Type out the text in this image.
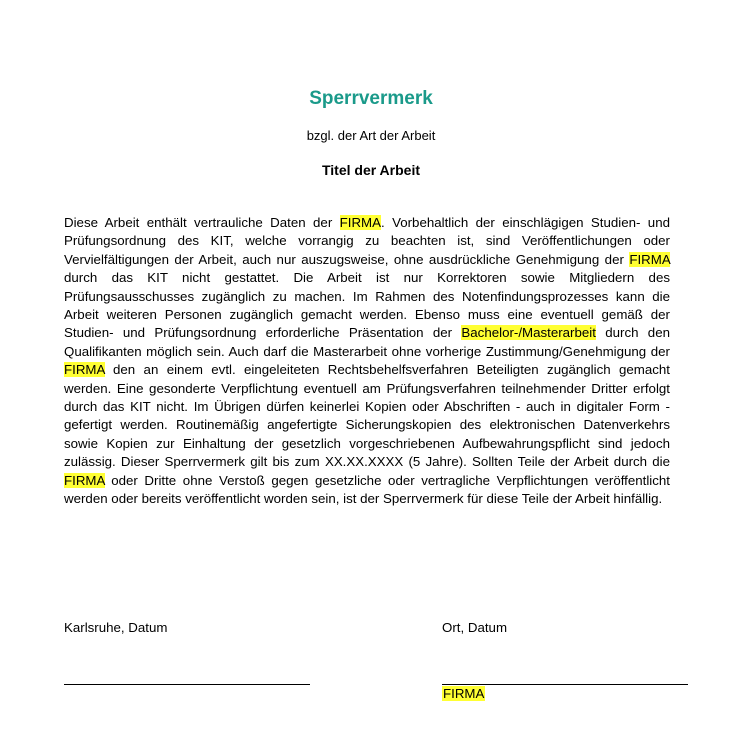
Sperrvermerk
bzgl. der Art der Arbeit
Titel der Arbeit
Diese Arbeit enthält vertrauliche Daten der FIRMA. Vorbehaltlich der einschlägigen Studien- und Prüfungsordnung des KIT, welche vorrangig zu beachten ist, sind Veröffentlichungen oder Vervielfältigungen der Arbeit, auch nur auszugsweise, ohne ausdrückliche Genehmigung der FIRMA durch das KIT nicht gestattet. Die Arbeit ist nur Korrektoren sowie Mitgliedern des Prüfungsausschusses zugänglich zu machen. Im Rahmen des Notenfindungsprozesses kann die Arbeit weiteren Personen zugänglich gemacht werden. Ebenso muss eine eventuell gemäß der Studien- und Prüfungsordnung erforderliche Präsentation der Bachelor-/Masterarbeit durch den Qualifikanten möglich sein. Auch darf die Masterarbeit ohne vorherige Zustimmung/Genehmigung der FIRMA den an einem evtl. eingeleiteten Rechtsbehelfsverfahren Beteiligten zugänglich gemacht werden. Eine gesonderte Verpflichtung eventuell am Prüfungsverfahren teilnehmender Dritter erfolgt durch das KIT nicht. Im Übrigen dürfen keinerlei Kopien oder Abschriften - auch in digitaler Form - gefertigt werden. Routinemäßig angefertigte Sicherungskopien des elektronischen Datenverkehrs sowie Kopien zur Einhaltung der gesetzlich vorgeschriebenen Aufbewahrungspflicht sind jedoch zulässig. Dieser Sperrvermerk gilt bis zum XX.XX.XXXX (5 Jahre). Sollten Teile der Arbeit durch die FIRMA oder Dritte ohne Verstoß gegen gesetzliche oder vertragliche Verpflichtungen veröffentlicht werden oder bereits veröffentlicht worden sein, ist der Sperrvermerk für diese Teile der Arbeit hinfällig.
Karlsruhe, Datum	Ort, Datum
FIRMA
